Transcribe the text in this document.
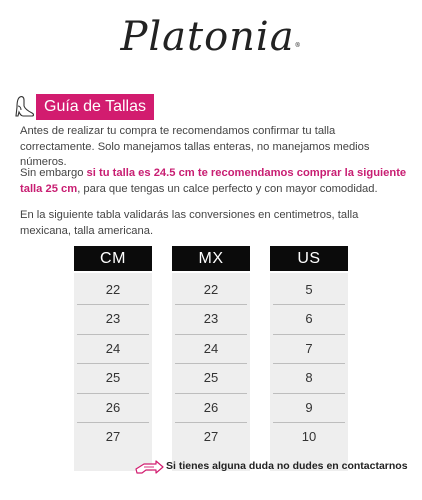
Platonia®
Guía de Tallas
Antes de realizar tu compra te recomendamos confirmar tu talla correctamente. Solo manejamos tallas enteras, no manejamos medios números.
Sin embargo si tu talla es 24.5 cm te recomendamos comprar la siguiente talla 25 cm, para que tengas un calce perfecto y con mayor comodidad.
En la siguiente tabla validarás las conversiones en centimetros, talla mexicana, talla americana.
CM
22
23
24
25
26
27
MX
22
23
24
25
26
27
US
5
6
7
8
9
10
Si tienes alguna duda no dudes en contactarnos
